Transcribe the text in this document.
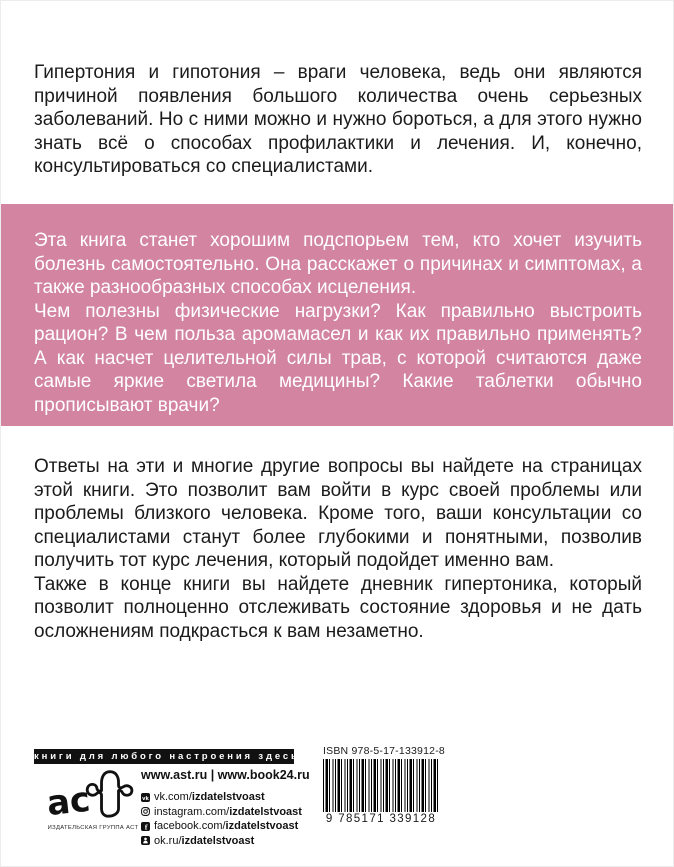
Гипертония и гипотония – враги человека, ведь они являются причиной появления большого количества очень серьезных заболеваний. Но с ними можно и нужно бороться, а для этого нужно знать всё о способах профилактики и лечения. И, конечно, консультироваться со специалистами.

Эта книга станет хорошим подспорьем тем, кто хочет изучить болезнь самостоятельно. Она расскажет о причинах и симптомах, а также разнообразных способах исцеления.

Чем полезны физические нагрузки? Как правильно выстроить рацион? В чем польза аромамасел и как их правильно применять? А как насчет целительной силы трав, с которой считаются даже самые яркие светила медицины? Какие таблетки обычно прописывают врачи?

Ответы на эти и многие другие вопросы вы найдете на страницах этой книги. Это позволит вам войти в курс своей проблемы или проблемы близкого человека. Кроме того, ваши консультации со специалистами станут более глубокими и понятными, позволив получить тот курс лечения, который подойдет именно вам.

Также в конце книги вы найдете дневник гипертоника, который позволит полноценно отслеживать состояние здоровья и не дать осложнениям подкрасться к вам незаметно.

книги для любого настроения здесь
ас
ИЗДАТЕЛЬСКАЯ ГРУППА АСТ
www.ast.ru | www.book24.ru
vk vk.com/ izdatelstvoast
instagram.com/ izdatelstvoast
f facebook.com/ izdatelstvoast
ok.ru/ izdatelstvoast
ISBN 978-5-17-133912-8
9 785171 339128
